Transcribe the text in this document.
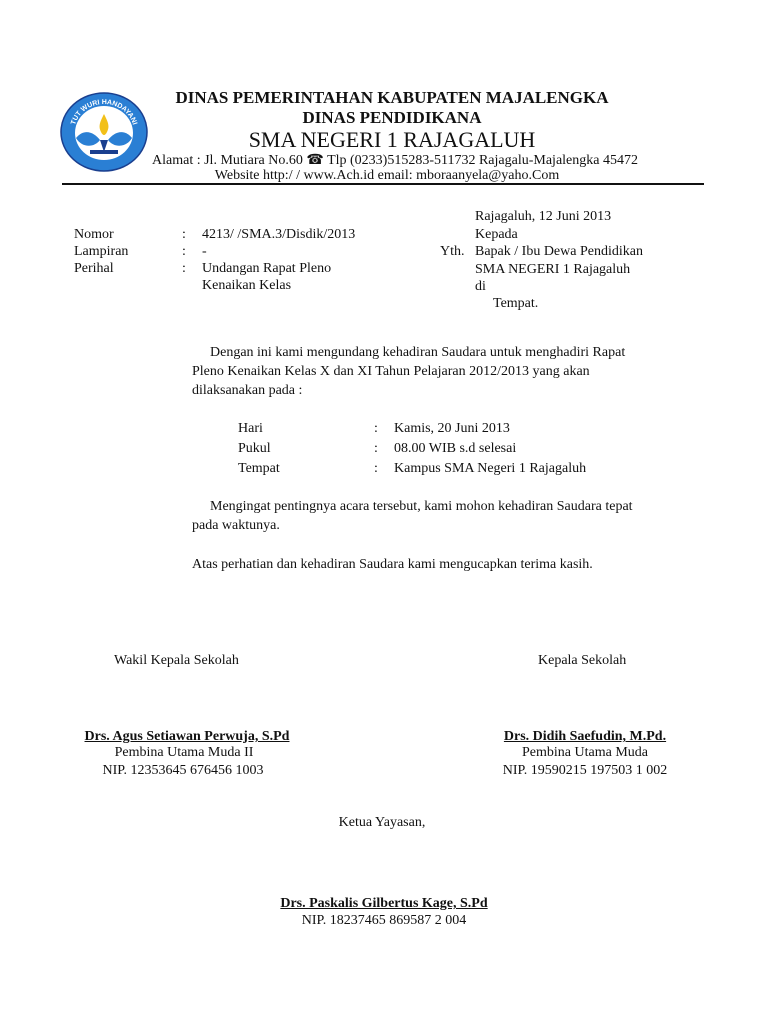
TUT WURI HANDAYANI
DINAS PEMERINTAHAN KABUPATEN MAJALENGKA
DINAS PENDIDIKANA
SMA NEGERI 1 RAJAGALUH
Alamat : Jl. Mutiara No.60 ☎ Tlp (0233)515283-511732 Rajagalu-Majalengka 45472
Website http:/ / www.Ach.id email: mboraanyela@yaho.Com
Rajagaluh, 12 Juni 2013
Kepada
Yth. Bapak / Ibu Dewa Pendidikan
SMA NEGERI 1 Rajagaluh
di
Tempat.
Nomor	: 4213/ /SMA.3/Disdik/2013
Lampiran	: -
Perihal	: Undangan Rapat Pleno
Kenaikan Kelas
Dengan ini kami mengundang kehadiran Saudara untuk menghadiri Rapat
Pleno Kenaikan Kelas X dan XI Tahun Pelajaran 2012/2013 yang akan
dilaksanakan pada :
Hari	: Kamis, 20 Juni 2013
Pukul	: 08.00 WIB s.d selesai
Tempat	: Kampus SMA Negeri 1 Rajagaluh
Mengingat pentingnya acara tersebut, kami mohon kehadiran Saudara tepat
pada waktunya.
Atas perhatian dan kehadiran Saudara kami mengucapkan terima kasih.
Wakil Kepala Sekolah	Kepala Sekolah
Drs. Agus Setiawan Perwuja, S.Pd
Pembina Utama Muda II
NIP. 12353645 676456 1003
Drs. Didih Saefudin, M.Pd.
Pembina Utama Muda
NIP. 19590215 197503 1 002
Ketua Yayasan,
Drs. Paskalis Gilbertus Kage, S.Pd
NIP. 18237465 869587 2 004
